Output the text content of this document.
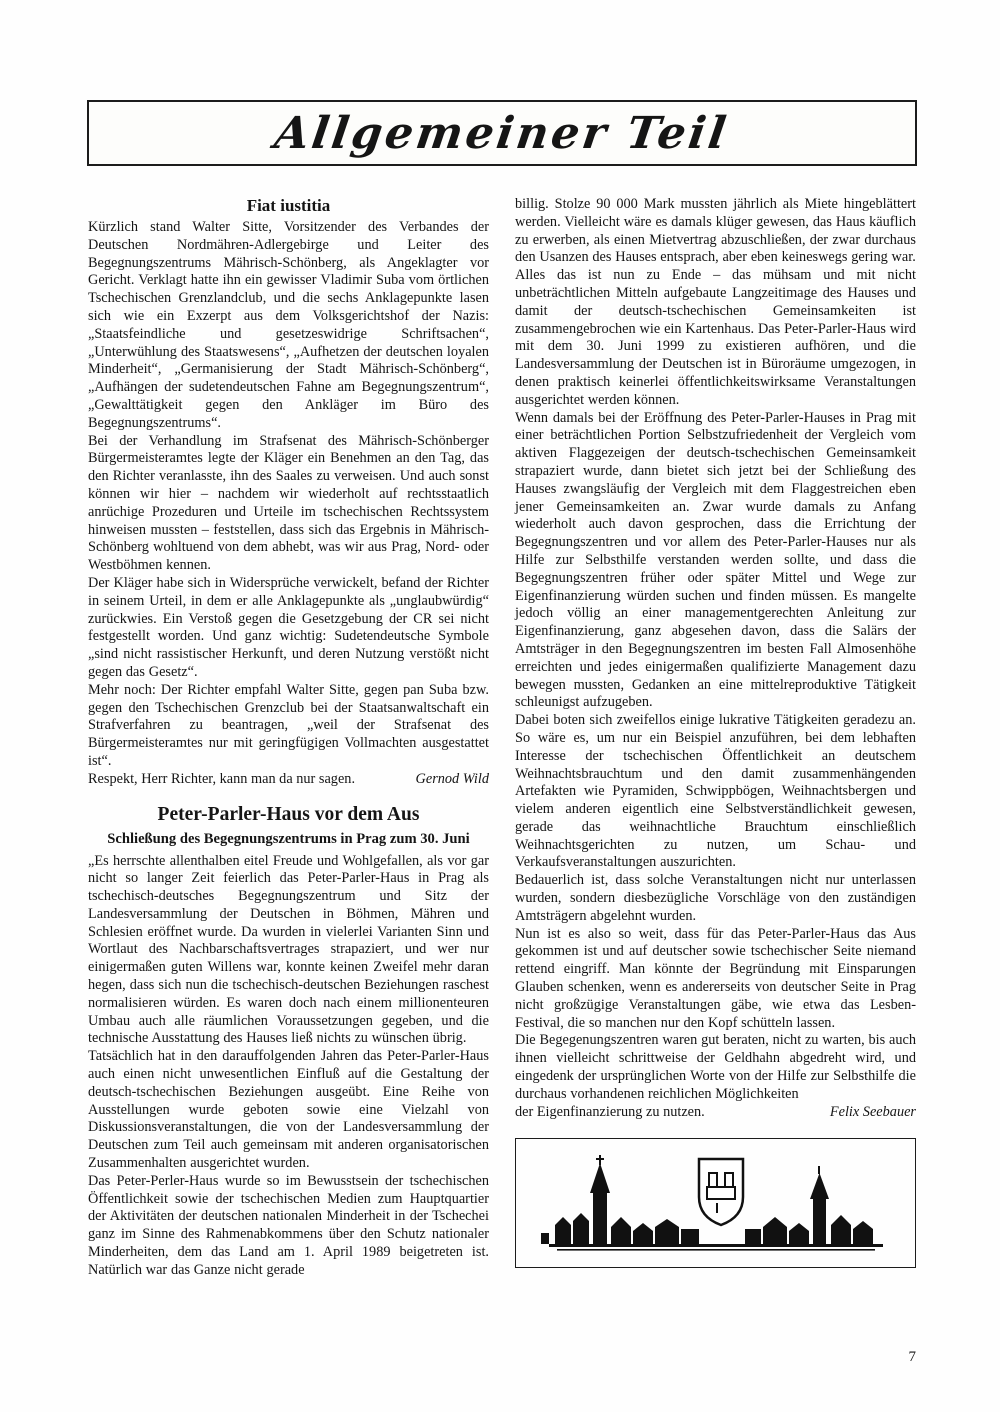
Allgemeiner Teil
Fiat iustitia

Kürzlich stand Walter Sitte, Vorsitzender des Verbandes der Deutschen Nordmähren-Adlergebirge und Leiter des Begegnungszentrums Mährisch-Schönberg, als Angeklagter vor Gericht. Verklagt hatte ihn ein gewisser Vladimir Suba vom örtlichen Tschechischen Grenzlandclub, und die sechs Anklagepunkte lasen sich wie ein Exzerpt aus dem Volksgerichtshof der Nazis: „Staatsfeindliche und gesetzeswidrige Schriftsachen“, „Unterwühlung des Staatswesens“, „Aufhetzen der deutschen loyalen Minderheit“, „Germanisierung der Stadt Mährisch-Schönberg“, „Aufhängen der sudetendeutschen Fahne am Begegnungszentrum“, „Gewalttätigkeit gegen den Ankläger im Büro des Begegnungszentrums“.

Bei der Verhandlung im Strafsenat des Mährisch-Schönberger Bürgermeisteramtes legte der Kläger ein Benehmen an den Tag, das den Richter veranlasste, ihn des Saales zu verweisen. Und auch sonst können wir hier – nachdem wir wiederholt auf rechtsstaatlich anrüchige Prozeduren und Urteile im tschechischen Rechtssystem hinweisen mussten – feststellen, dass sich das Ergebnis in Mährisch-Schönberg wohltuend von dem abhebt, was wir aus Prag, Nord- oder Westböhmen kennen.

Der Kläger habe sich in Widersprüche verwickelt, befand der Richter in seinem Urteil, in dem er alle Anklagepunkte als „unglaubwürdig“ zurückwies. Ein Verstoß gegen die Gesetzgebung der CR sei nicht festgestellt worden. Und ganz wichtig: Sudetendeutsche Symbole „sind nicht rassistischer Herkunft, und deren Nutzung verstößt nicht gegen das Gesetz“.

Mehr noch: Der Richter empfahl Walter Sitte, gegen pan Suba bzw. gegen den Tschechischen Grenzclub bei der Staatsanwaltschaft ein Strafverfahren zu beantragen, „weil der Strafsenat des Bürgermeisteramtes nur mit geringfügigen Vollmachten ausgestattet ist“.

Respekt, Herr Richter, kann man da nur sagen.	Gernod Wild
Peter-Parler-Haus vor dem Aus
Schließung des Begegnungszentrums in Prag zum 30. Juni

„Es herrschte allenthalben eitel Freude und Wohlgefallen, als vor gar nicht so langer Zeit feierlich das Peter-Parler-Haus in Prag als tschechisch-deutsches Begegnungszentrum und Sitz der Landesversammlung der Deutschen in Böhmen, Mähren und Schlesien eröffnet wurde. Da wurden in vielerlei Varianten Sinn und Wortlaut des Nachbarschaftsvertrages strapaziert, und wer nur einigermaßen guten Willens war, konnte keinen Zweifel mehr daran hegen, dass sich nun die tschechisch-deutschen Beziehungen raschest normalisieren würden. Es waren doch nach einem millionenteuren Umbau auch alle räumlichen Voraussetzungen gegeben, und die technische Ausstattung des Hauses ließ nichts zu wünschen übrig.

Tatsächlich hat in den darauffolgenden Jahren das Peter-Parler-Haus auch einen nicht unwesentlichen Einfluß auf die Gestaltung der deutsch-tschechischen Beziehungen ausgeübt. Eine Reihe von Ausstellungen wurde geboten sowie eine Vielzahl von Diskussionsveranstaltungen, die von der Landesversammlung der Deutschen zum Teil auch gemeinsam mit anderen organisatorischen Zusammenhalten ausgerichtet wurden.

Das Peter-Perler-Haus wurde so im Bewusstsein der tschechischen Öffentlichkeit sowie der tschechischen Medien zum Hauptquartier der Aktivitäten der deutschen nationalen Minderheit in der Tschechei ganz im Sinne des Rahmenabkommens über den Schutz nationaler Minderheiten, dem das Land am 1. April 1989 beigetreten ist. Natürlich war das Ganze nicht gerade

billig. Stolze 90 000 Mark mussten jährlich als Miete hingeblättert werden. Vielleicht wäre es damals klüger gewesen, das Haus käuflich zu erwerben, als einen Mietvertrag abzuschließen, der zwar durchaus den Usanzen des Hauses entsprach, aber eben keineswegs gering war.

Alles das ist nun zu Ende – das mühsam und mit nicht unbeträchtlichen Mitteln aufgebaute Langzeitimage des Hauses und damit der deutsch-tschechischen Gemeinsamkeiten ist zusammengebrochen wie ein Kartenhaus. Das Peter-Parler-Haus wird mit dem 30. Juni 1999 zu existieren aufhören, und die Landesversammlung der Deutschen ist in Büroräume umgezogen, in denen praktisch keinerlei öffentlichkeitswirksame Veranstaltungen ausgerichtet werden können.

Wenn damals bei der Eröffnung des Peter-Parler-Hauses in Prag mit einer beträchtlichen Portion Selbstzufriedenheit der Vergleich vom aktiven Flaggezeigen der deutsch-tschechischen Gemeinsamkeit strapaziert wurde, dann bietet sich jetzt bei der Schließung des Hauses zwangsläufig der Vergleich mit dem Flaggestreichen eben jener Gemeinsamkeiten an. Zwar wurde damals zu Anfang wiederholt auch davon gesprochen, dass die Errichtung der Begegnungszentren und vor allem des Peter-Parler-Hauses nur als Hilfe zur Selbsthilfe verstanden werden sollte, und dass die Begegnungszentren früher oder später Mittel und Wege zur Eigenfinanzierung würden suchen und finden müssen. Es mangelte jedoch völlig an einer managementgerechten Anleitung zur Eigenfinanzierung, ganz abgesehen davon, dass die Salärs der Amtsträger in den Begegnungszentren im besten Fall Almosenhöhe erreichten und jedes einigermaßen qualifizierte Management dazu bewegen mussten, Gedanken an eine mittelreproduktive Tätigkeit schleunigst aufzugeben.

Dabei boten sich zweifellos einige lukrative Tätigkeiten geradezu an. So wäre es, um nur ein Beispiel anzuführen, bei dem lebhaften Interesse der tschechischen Öffentlichkeit an deutschem Weihnachtsbrauchtum und den damit zusammenhängenden Artefakten wie Pyramiden, Schwippbögen, Weihnachtsbergen und vielem anderen eigentlich eine Selbstverständlichkeit gewesen, gerade das weihnachtliche Brauchtum einschließlich Weihnachtsgerichten zu nutzen, um Schau- und Verkaufsveranstaltungen auszurichten.

Bedauerlich ist, dass solche Veranstaltungen nicht nur unterlassen wurden, sondern diesbezügliche Vorschläge von den zuständigen Amtsträgern abgelehnt wurden.

Nun ist es also so weit, dass für das Peter-Parler-Haus das Aus gekommen ist und auf deutscher sowie tschechischer Seite niemand rettend eingriff. Man könnte der Begründung mit Einsparungen Glauben schenken, wenn es andererseits von deutscher Seite in Prag nicht großzügige Veranstaltungen gäbe, wie etwa das Lesben-Festival, die so manchen nur den Kopf schütteln lassen.

Die Begegenungszentren waren gut beraten, nicht zu warten, bis auch ihnen vielleicht schrittweise der Geldhahn abgedreht wird, und eingedenk der ursprünglichen Worte von der Hilfe zur Selbsthilfe die durchaus vorhandenen reichlichen Möglichkeiten

der Eigenfinanzierung zu nutzen.	Felix Seebauer
7
